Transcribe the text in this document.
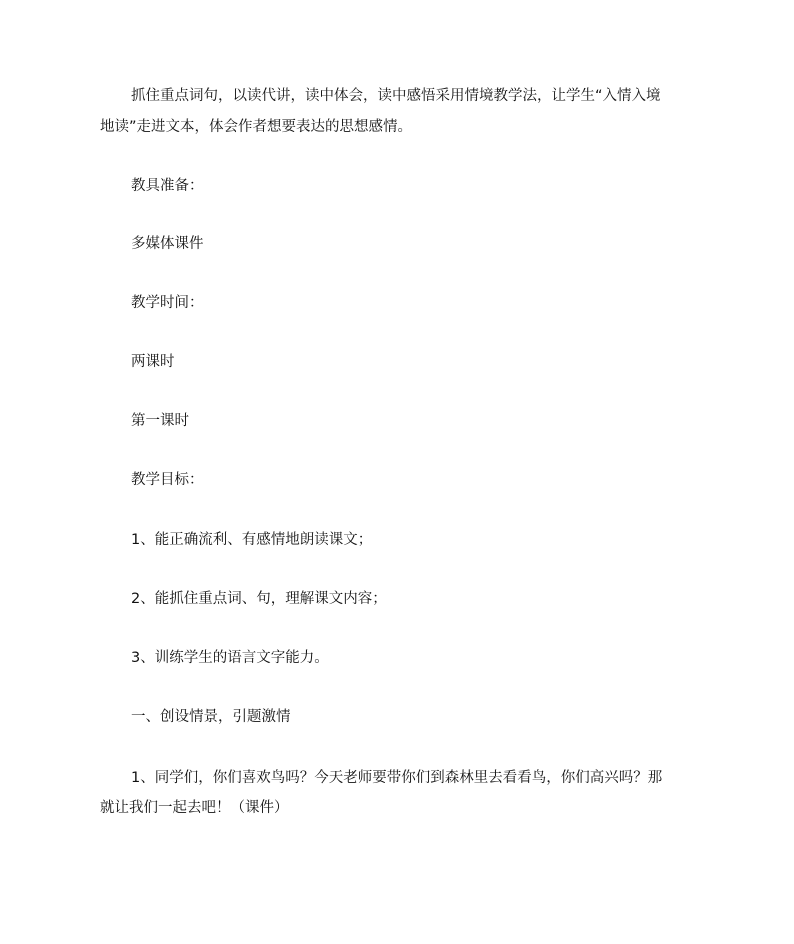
抓住重点词句，以读代讲，读中体会，读中感悟采用情境教学法，让学生“入情入境

地读”走进文本，体会作者想要表达的思想感情。

教具准备：

多媒体课件

教学时间：

两课时

第一课时

教学目标：

1、能正确流利、有感情地朗读课文；

2、能抓住重点词、句，理解课文内容；

3、训练学生的语言文字能力。

一、创设情景，引题激情

1、同学们，你们喜欢鸟吗？今天老师要带你们到森林里去看看鸟，你们高兴吗？那

就让我们一起去吧！（课件）
